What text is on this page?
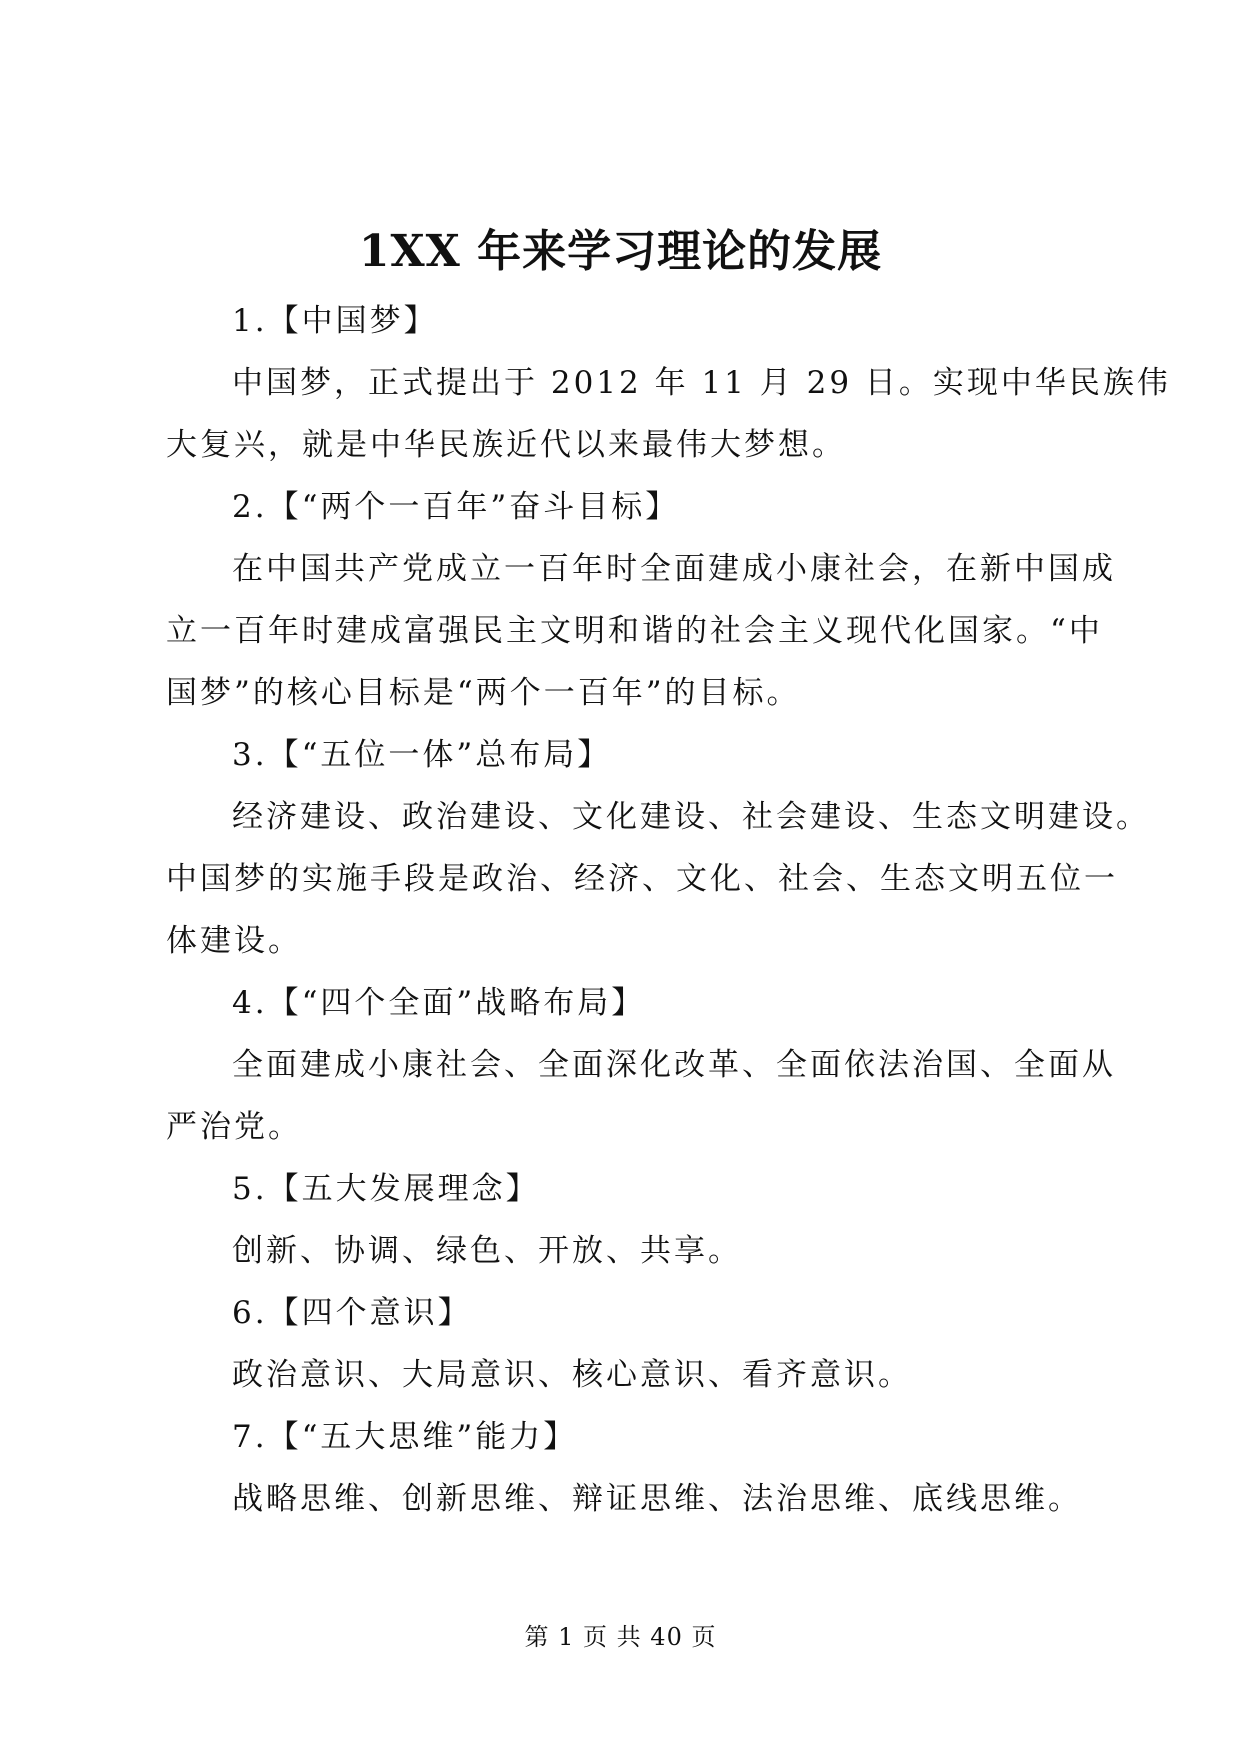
1XX 年来学习理论的发展

1.【中国梦】

中国梦，正式提出于 2012 年 11 月 29 日。实现中华民族伟

大复兴，就是中华民族近代以来最伟大梦想。

2.【“两个一百年”奋斗目标】

在中国共产党成立一百年时全面建成小康社会，在新中国成

立一百年时建成富强民主文明和谐的社会主义现代化国家。“中

国梦”的核心目标是“两个一百年”的目标。

3.【“五位一体”总布局】

经济建设、政治建设、文化建设、社会建设、生态文明建设。

中国梦的实施手段是政治、经济、文化、社会、生态文明五位一

体建设。

4.【“四个全面”战略布局】

全面建成小康社会、全面深化改革、全面依法治国、全面从

严治党。

5.【五大发展理念】

创新、协调、绿色、开放、共享。

6.【四个意识】

政治意识、大局意识、核心意识、看齐意识。

7.【“五大思维”能力】

战略思维、创新思维、辩证思维、法治思维、底线思维。

第 1 页 共 40 页
